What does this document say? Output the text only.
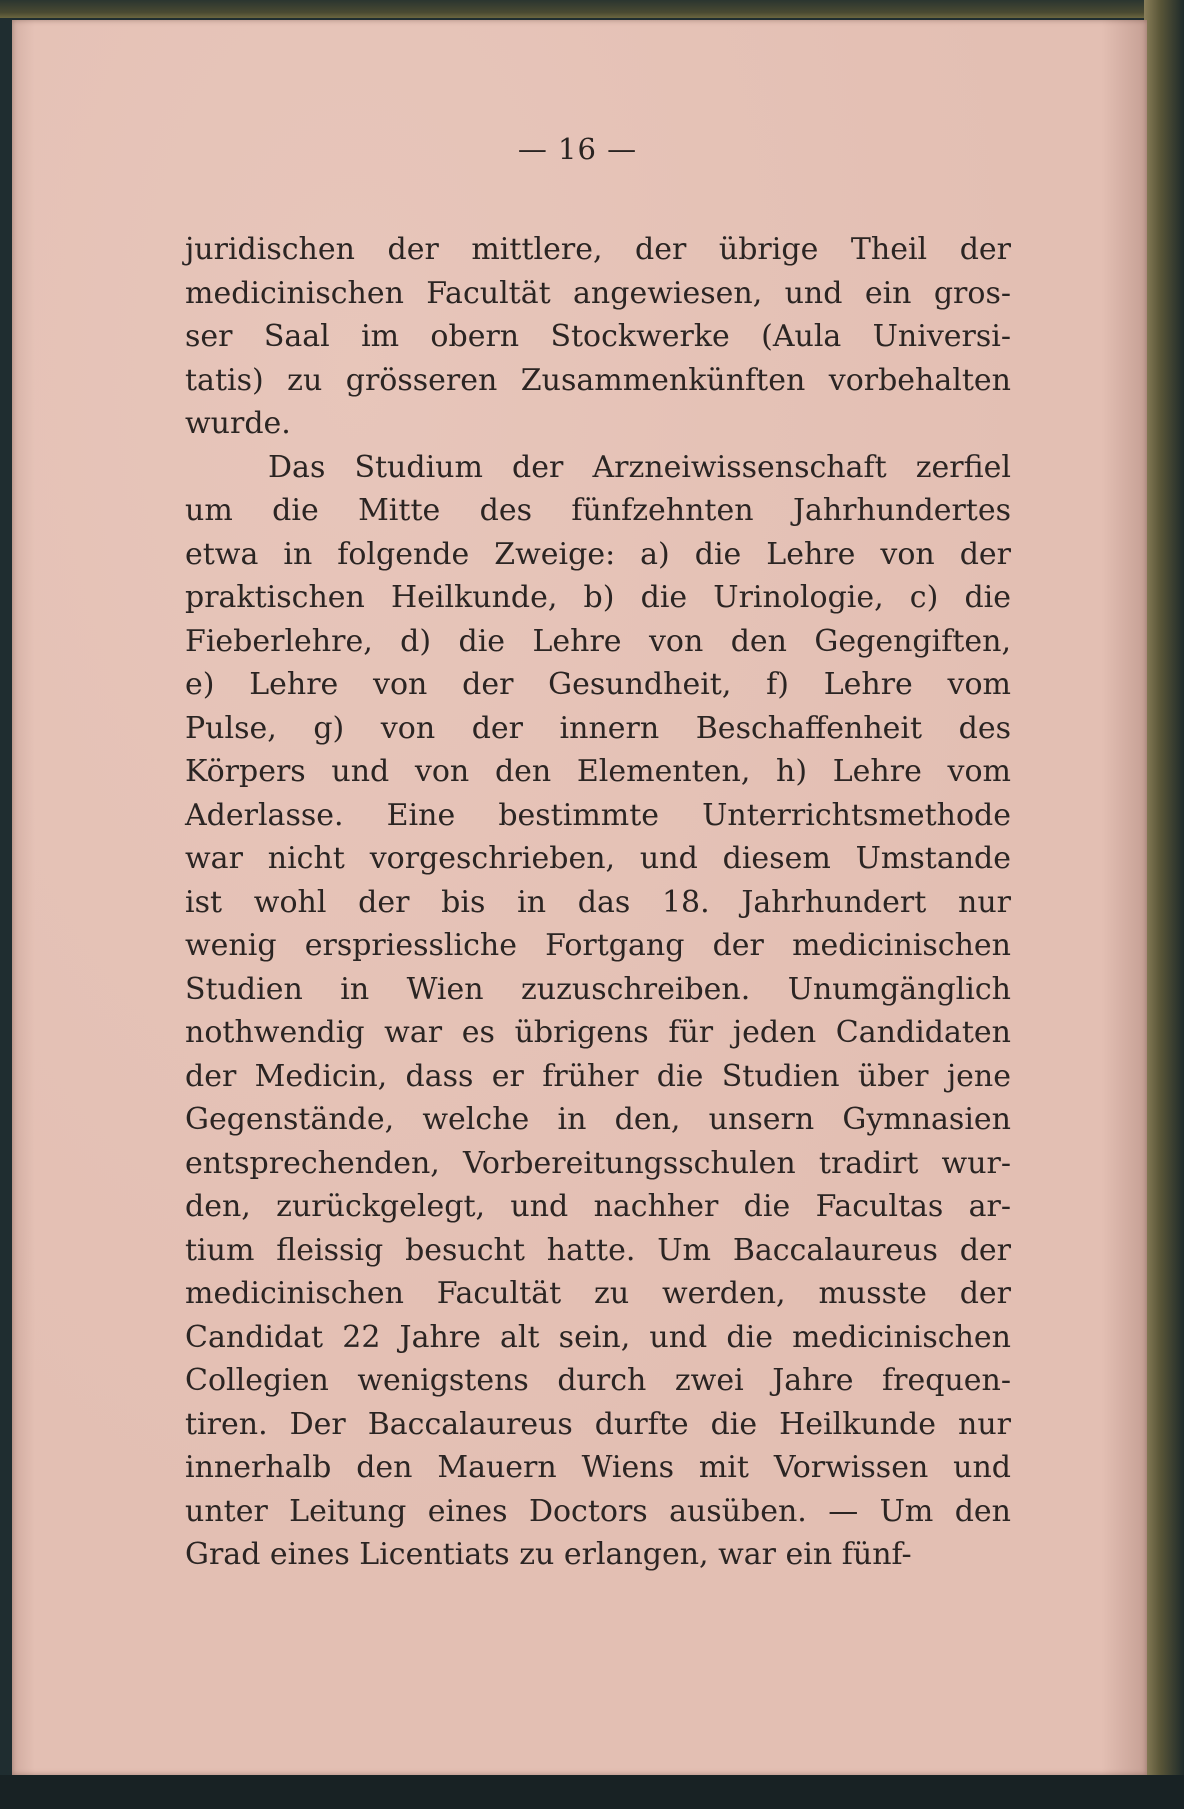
— 16 —
juridischen der mittlere, der übrige Theil der
medicinischen Facultät angewiesen, und ein gros-
ser Saal im obern Stockwerke (Aula Universi-
tatis) zu grösseren Zusammenkünften vorbehalten
wurde.
Das Studium der Arzneiwissenschaft zerfiel
um die Mitte des fünfzehnten Jahrhundertes
etwa in folgende Zweige: a) die Lehre von der
praktischen Heilkunde, b) die Urinologie, c) die
Fieberlehre, d) die Lehre von den Gegengiften,
e) Lehre von der Gesundheit, f) Lehre vom
Pulse, g) von der innern Beschaffenheit des
Körpers und von den Elementen, h) Lehre vom
Aderlasse. Eine bestimmte Unterrichtsmethode
war nicht vorgeschrieben, und diesem Umstande
ist wohl der bis in das 18. Jahrhundert nur
wenig erspriessliche Fortgang der medicinischen
Studien in Wien zuzuschreiben. Unumgänglich
nothwendig war es übrigens für jeden Candidaten
der Medicin, dass er früher die Studien über jene
Gegenstände, welche in den, unsern Gymnasien
entsprechenden, Vorbereitungsschulen tradirt wur-
den, zurückgelegt, und nachher die Facultas ar-
tium fleissig besucht hatte. Um Baccalaureus der
medicinischen Facultät zu werden, musste der
Candidat 22 Jahre alt sein, und die medicinischen
Collegien wenigstens durch zwei Jahre frequen-
tiren. Der Baccalaureus durfte die Heilkunde nur
innerhalb den Mauern Wiens mit Vorwissen und
unter Leitung eines Doctors ausüben. — Um den
Grad eines Licentiats zu erlangen, war ein fünf-
